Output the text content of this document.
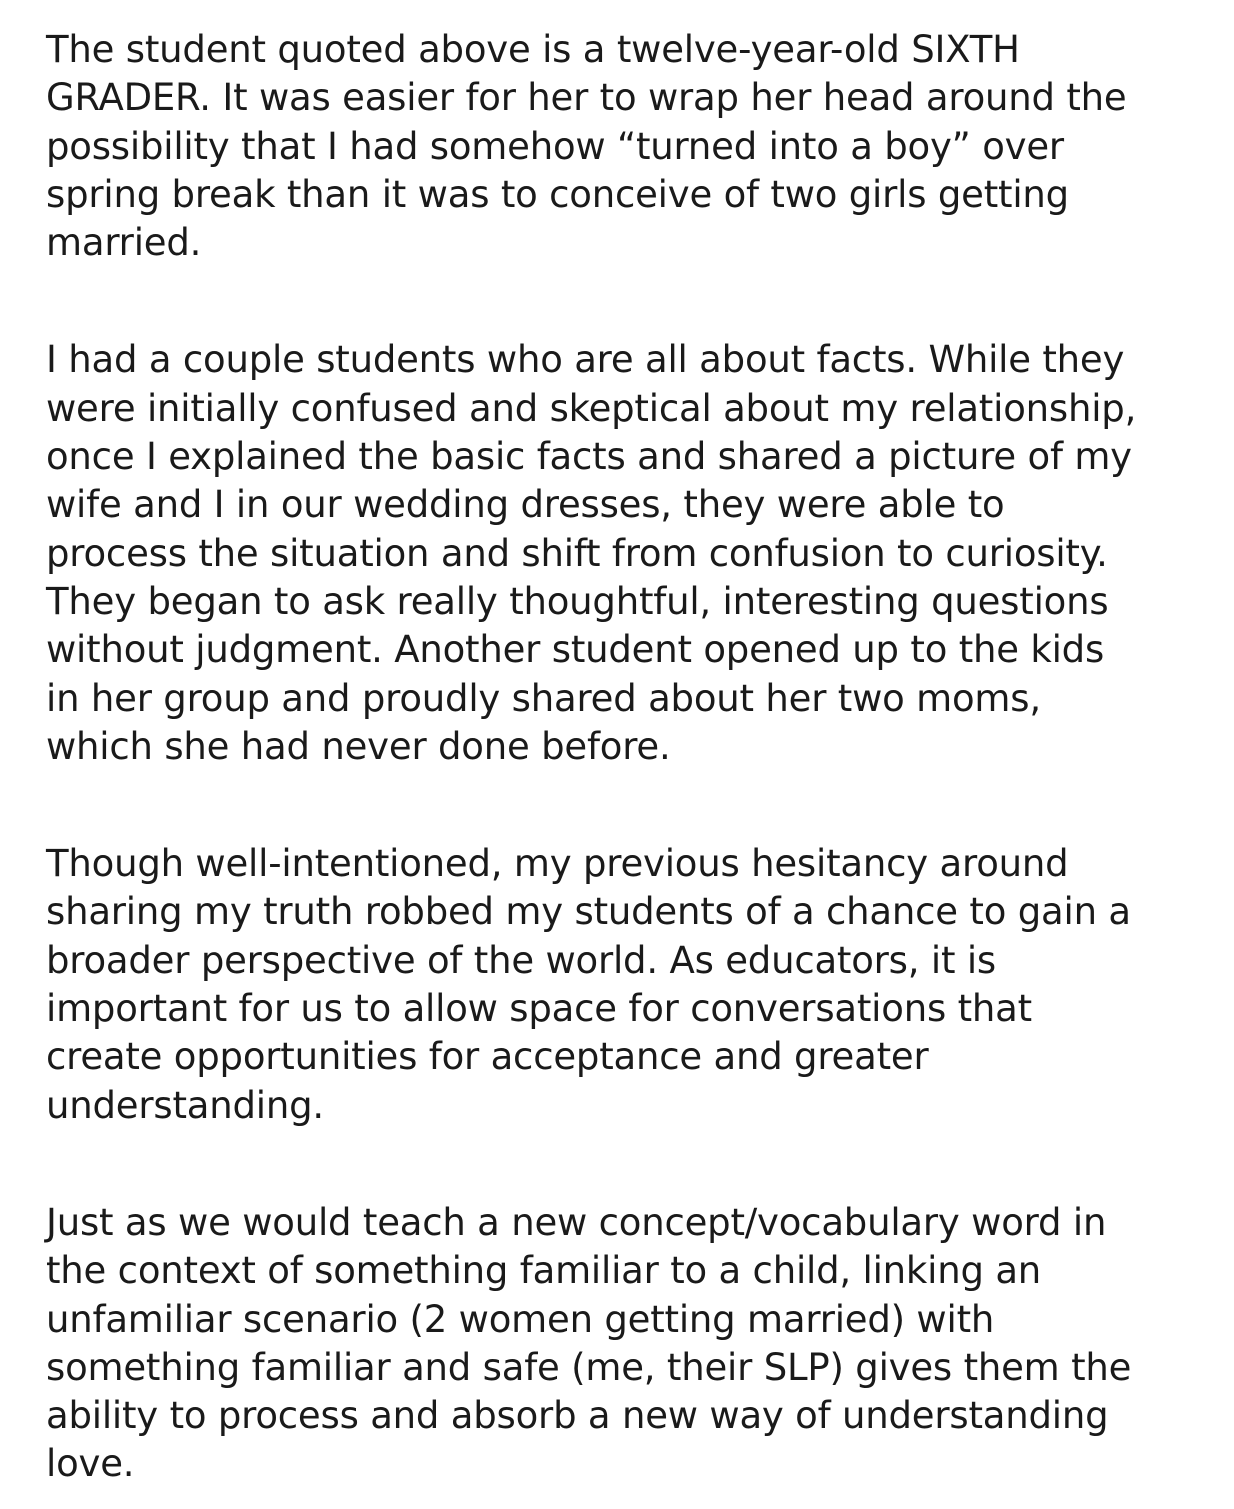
The student quoted above is a twelve-year-old SIXTH
GRADER. It was easier for her to wrap her head around the
possibility that I had somehow “turned into a boy” over
spring break than it was to conceive of two girls getting
married.
I had a couple students who are all about facts. While they
were initially confused and skeptical about my relationship,
once I explained the basic facts and shared a picture of my
wife and I in our wedding dresses, they were able to
process the situation and shift from confusion to curiosity.
They began to ask really thoughtful, interesting questions
without judgment. Another student opened up to the kids
in her group and proudly shared about her two moms,
which she had never done before.
Though well-intentioned, my previous hesitancy around
sharing my truth robbed my students of a chance to gain a
broader perspective of the world. As educators, it is
important for us to allow space for conversations that
create opportunities for acceptance and greater
understanding.
Just as we would teach a new concept/vocabulary word in
the context of something familiar to a child, linking an
unfamiliar scenario (2 women getting married) with
something familiar and safe (me, their SLP) gives them the
ability to process and absorb a new way of understanding
love.
